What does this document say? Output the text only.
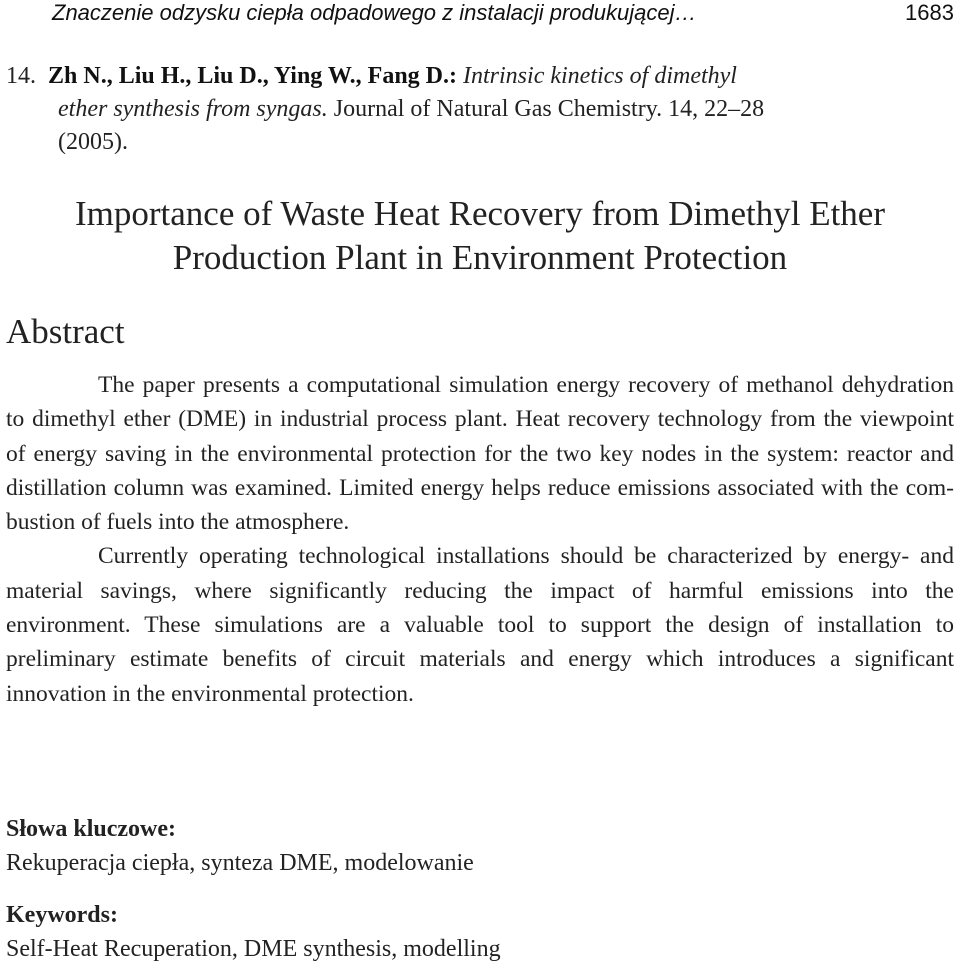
Znaczenie odzysku ciepła odpadowego z instalacji produkującej…	1683
14. Zh N., Liu H., Liu D., Ying W., Fang D.: Intrinsic kinetics of dimethyl
ether synthesis from syngas. Journal of Natural Gas Chemistry. 14, 22–28
(2005).
Importance of Waste Heat Recovery from Dimethyl Ether
Production Plant in Environment Protection
Abstract

The paper presents a computational simulation energy recovery of methanol dehydration to dimethyl ether (DME) in industrial process plant. Heat recovery technology from the viewpoint of energy saving in the environmental protection for the two key nodes in the system: reactor and distillation column was examined. Limited energy helps reduce emissions associated with the combustion of fuels into the atmosphere.

Currently operating technological installations should be characterized by energy- and material savings, where significantly reducing the impact of harmful emissions into the environment. These simulations are a valuable tool to support the design of installation to preliminary estimate benefits of circuit materials and energy which introduces a significant innovation in the environmental protection.

Słowa kluczowe:
Rekuperacja ciepła, synteza DME, modelowanie
Keywords:
Self-Heat Recuperation, DME synthesis, modelling
